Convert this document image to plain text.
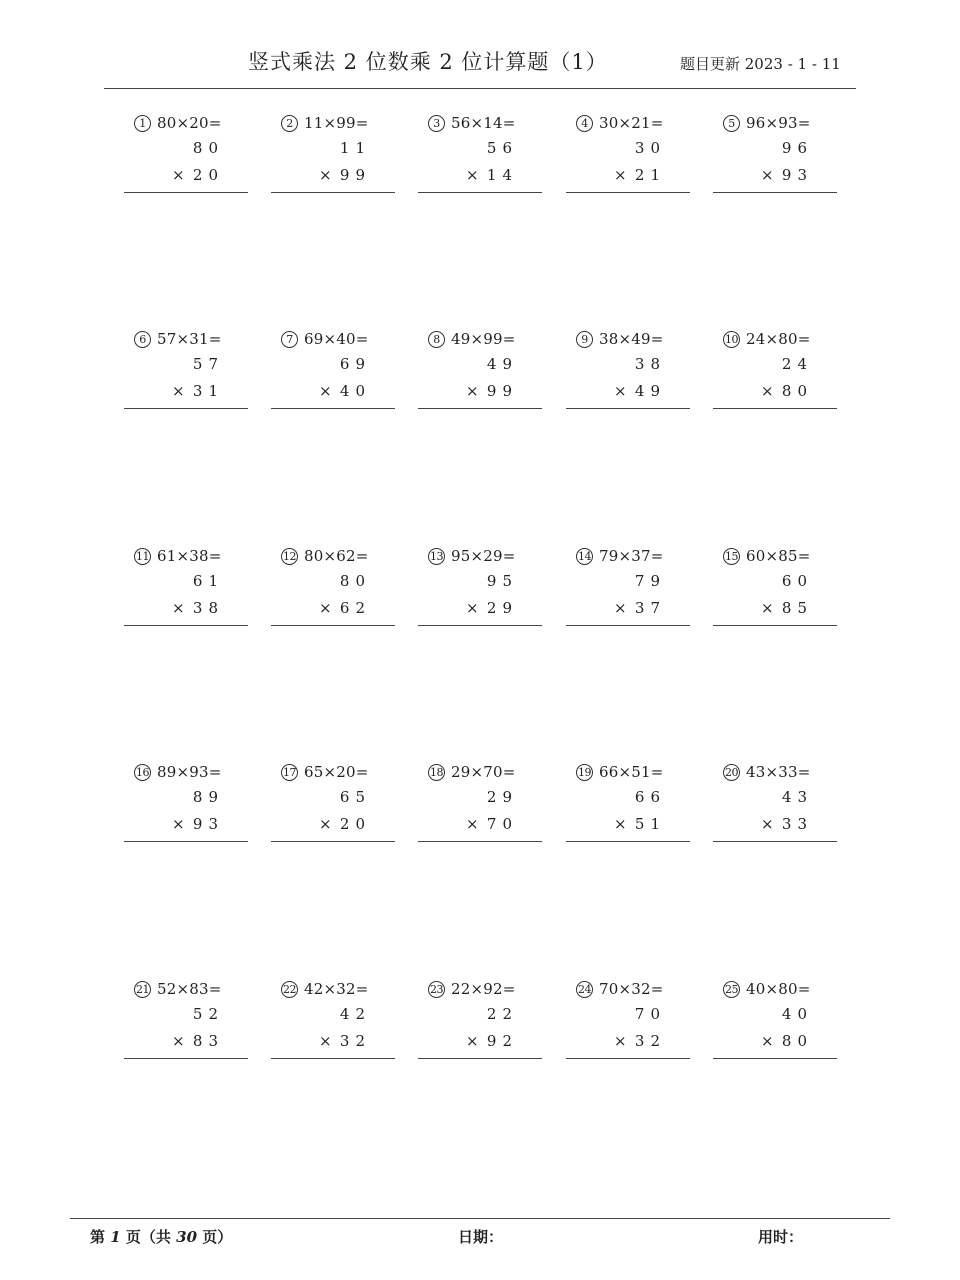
竖式乘法 2 位数乘 2 位计算题（1）	题目更新 2023 - 1 - 11
1 80×20=
80
× 20
2 11×99=
11
× 99
3 56×14=
56
× 14
4 30×21=
30
× 21
5 96×93=
96
× 93
6 57×31=
57
× 31
7 69×40=
69
× 40
8 49×99=
49
× 99
9 38×49=
38
× 49
10 24×80=
24
× 80
11 61×38=
61
× 38
12 80×62=
80
× 62
13 95×29=
95
× 29
14 79×37=
79
× 37
15 60×85=
60
× 85
16 89×93=
89
× 93
17 65×20=
65
× 20
18 29×70=
29
× 70
19 66×51=
66
× 51
20 43×33=
43
× 33
21 52×83=
52
× 83
22 42×32=
42
× 32
23 22×92=
22
× 92
24 70×32=
70
× 32
25 40×80=
40
× 80
第 1 页（共 30 页）	日期：	用时：
